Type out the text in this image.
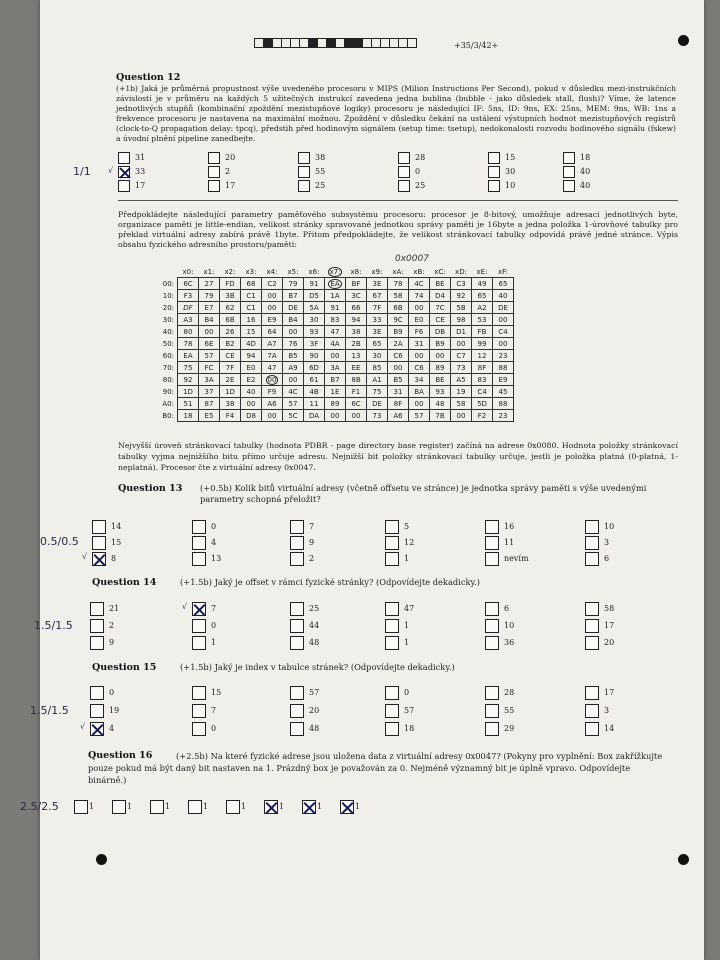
+35/3/42+
Question 12
(+1b) Jaká je průměrná propustnost výše uvedeného procesoru v MIPS (Milion Instructions Per Second), pokud v důsledku mezi-instrukčních závislostí je v průměru na každých 5 užitečných instrukcí zavedena jedna bublina (bubble - jako důsledek stall, flush)? Víme, že latence jednotlivých stupňů (kombinační zpoždění mezistupňové logiky) procesoru je následující IF: 5ns, ID: 9ns, EX: 25ns, MEM: 9ns, WB: 1ns a frekvence procesoru je nastavena na maximální možnou. Zpoždění v důsledku čekání na ustálení výstupních hodnot mezistupňových registrů (clock-to-Q propagation delay: tpcq), předstih před hodinovým signálem (setup time: tsetup), nedokonalosti rozvodu hodinového signálu (fskew) a úvodní plnění pipeline zanedbejte.
1/1
Předpokládejte následující parametry paměťového subsystému procesoru: procesor je 8-bitový, umožňuje adresaci jednotlivých byte, organizace paměti je little-endian, velikost stránky spravované jednotkou správy paměti je 16byte a jedna položka 1-úrovňové tabulky pro překlad virtuální adresy zabírá právě 1byte. Přitom předpokládejte, že velikost stránkovací tabulky odpovídá právě jedné stránce. Výpis obsahu fyzického adresního prostoru/paměti:
0x0007
	x0:	x1:	x2:	x3:	x4:	x5:	x6:	x7:	x8:	x9:	xA:	xB:	xC:	xD:	xE:	xF:
00:	6C	27	FD	68	C2	79	91	EA	BF	3E	78	4C	BE	C3	49	65
10:	F3	79	3B	C1	00	B7	D5	1A	3C	67	58	74	D4	92	65	40
20:	DF	E7	62	C1	00	DE	5A	91	66	7F	6B	00	7C	5B	A2	DE
30:	A3	B4	6B	16	E9	B4	30	83	94	33	9C	E0	CE	98	53	00
40:	80	00	26	15	64	00	93	47	38	3E	B9	F6	DB	D1	FB	C4
50:	78	6E	B2	4D	A7	76	3F	4A	2B	65	2A	31	B9	00	99	00
60:	EA	57	CE	94	7A	B5	90	00	13	30	C6	00	00	C7	12	23
70:	75	FC	7F	E0	47	A9	6D	3A	EE	85	00	C6	89	73	8F	88
80:	92	3A	2E	E2	00	00	61	B7	8B	A1	B5	34	BE	A5	83	E9
90:	1D	37	1D	40	F9	4C	4B	1E	F1	75	31	BA	93	19	C4	45
A0:	51	87	38	00	A6	57	11	89	6C	DE	8F	00	48	58	5D	88
B0:	18	E5	F4	D8	00	5C	DA	00	00	73	A6	57	7B	00	F2	23
Nejvyšší úroveň stránkovací tabulky (hodnota PDBR - page directory base register) začíná na adrese 0x0080. Hodnota položky stránkovací tabulky vyjma nejnižšího bitu přímo určuje adresu. Nejnižší bit položky stránkovací tabulky určuje, jestli je položka platná (0-platná, 1-neplatná). Procesor čte z virtuální adresy 0x0047.
Question 13 (+0.5b) Kolik bitů virtuální adresy (včetně offsetu ve stránce) je jednotka správy paměti s výše uvedenými parametry schopná přeložit?
0.5/0.5
Question 14	(+1.5b) Jaký je offset v rámci fyzické stránky? (Odpovídejte dekadicky.)
1.5/1.5
Question 15	(+1.5b) Jaký je index v tabulce stránek? (Odpovídejte dekadicky.)
1.5/1.5
Question 16	(+2.5b) Na které fyzické adrese jsou uložena data z virtuální adresy 0x0047? (Pokyny pro vyplnění: Box zakřížkujte pouze pokud má být daný bit nastaven na 1. Prázdný box je považován za 0. Nejméně významný bit je úplně vpravo. Odpovídejte binárně.)
2.5/2.5
31
√	33
17
20
2
17
38
55
25
28
0
25
15
30
10
18
40
40
14
15
√	8
0
4
13
7
9
2
5
12
1
16
11
nevím
10
3
6
21
2
9
√	7
0
1
25
44
48
47
1
1
6
10
36
58
17
20
0
19
√	4
15
7
0
57
20
48
0
57
18
28
55
29
17
3
14
1	1	1	1	1	1	1	1
